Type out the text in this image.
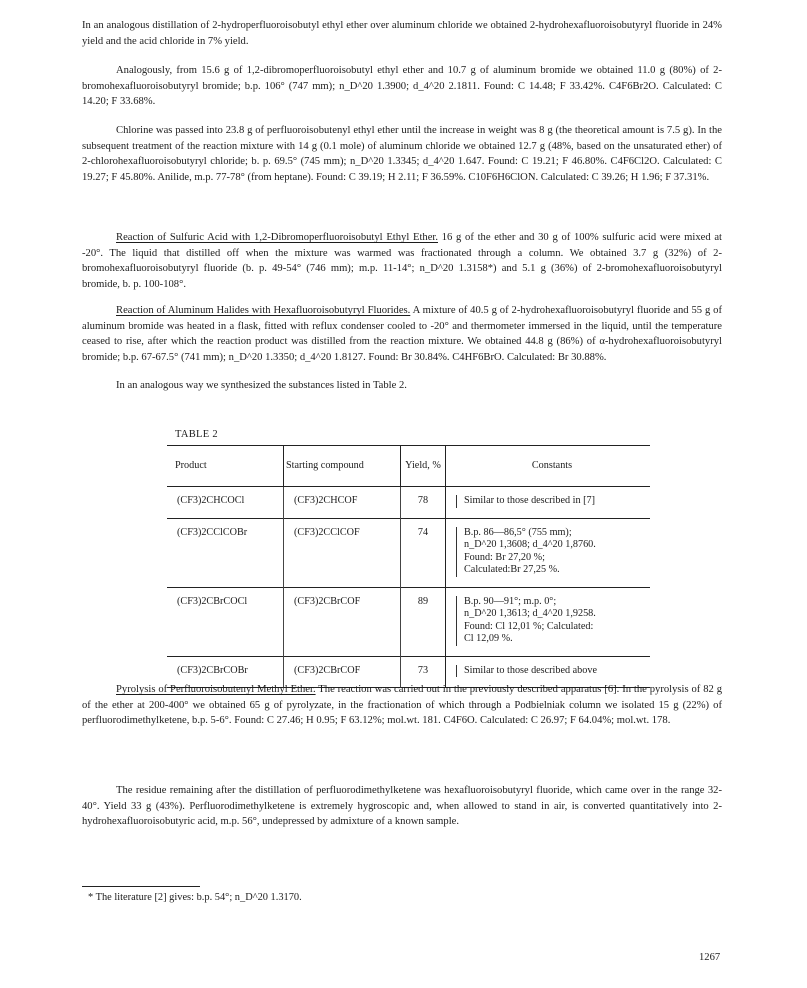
In an analogous distillation of 2-hydroperfluoroisobutyl ethyl ether over aluminum chloride we obtained 2-hydrohexafluoroisobutyryl fluoride in 24% yield and the acid chloride in 7% yield.

Analogously, from 15.6 g of 1,2-dibromoperfluoroisobutyl ethyl ether and 10.7 g of aluminum bromide we obtained 11.0 g (80%) of 2-bromohexafluoroisobutyryl bromide; b.p. 106° (747 mm); n_D^20 1.3900; d_4^20 2.1811. Found: C 14.48; F 33.42%. C4F6Br2O. Calculated: C 14.20; F 33.68%.

Chlorine was passed into 23.8 g of perfluoroisobutenyl ethyl ether until the increase in weight was 8 g (the theoretical amount is 7.5 g). In the subsequent treatment of the reaction mixture with 14 g (0.1 mole) of aluminum chloride we obtained 12.7 g (48%, based on the unsaturated ether) of 2-chlorohexafluoroisobutyryl chloride; b. p. 69.5° (745 mm); n_D^20 1.3345; d_4^20 1.647. Found: C 19.21; F 46.80%. C4F6Cl2O. Calculated: C 19.27; F 45.80%. Anilide, m.p. 77-78° (from heptane). Found: C 39.19; H 2.11; F 36.59%. C10F6H6ClON. Calculated: C 39.26; H 1.96; F 37.31%.

Reaction of Sulfuric Acid with 1,2-Dibromoperfluoroisobutyl Ethyl Ether. 16 g of the ether and 30 g of 100% sulfuric acid were mixed at -20°. The liquid that distilled off when the mixture was warmed was fractionated through a column. We obtained 3.7 g (32%) of 2-bromohexafluoroisobutyryl fluoride (b. p. 49-54° (746 mm); m.p. 11-14°; n_D^20 1.3158*) and 5.1 g (36%) of 2-bromohexafluoroisobutyryl bromide, b. p. 100-108°.

Reaction of Aluminum Halides with Hexafluoroisobutyryl Fluorides. A mixture of 40.5 g of 2-hydrohexafluoroisobutyryl fluoride and 55 g of aluminum bromide was heated in a flask, fitted with reflux condenser cooled to -20° and thermometer immersed in the liquid, until the temperature ceased to rise, after which the reaction product was distilled from the reaction mixture. We obtained 44.8 g (86%) of α-hydrohexafluoroisobutyryl bromide; b.p. 67-67.5° (741 mm); n_D^20 1.3350; d_4^20 1.8127. Found: Br 30.84%. C4HF6BrO. Calculated: Br 30.88%.

In an analogous way we synthesized the substances listed in Table 2.

TABLE 2

Product	Starting compound	Yield, %	Constants
(CF3)2CHCOCl	(CF3)2CHCOF	78	Similar to those described in [7]

(CF3)2CClCOBr	(CF3)2CClCOF	74	B.p. 86—86,5° (755 mm);
n_D^20 1,3608; d_4^20 1,8760.
Found: Br 27,20 %;
Calculated:Br 27,25 %.

(CF3)2CBrCOCl	(CF3)2CBrCOF	89	B.p. 90—91°; m.p. 0°;
n_D^20 1,3613; d_4^20 1,9258.
Found: Cl 12,01 %; Calculated:
Cl 12,09 %.

(CF3)2CBrCOBr	(CF3)2CBrCOF	73	Similar to those described above

Pyrolysis of Perfluoroisobutenyl Methyl Ether. The reaction was carried out in the previously described apparatus [6]. In the pyrolysis of 82 g of the ether at 200-400° we obtained 65 g of pyrolyzate, in the fractionation of which through a Podbielniak column we isolated 15 g (22%) of perfluorodimethylketene, b.p. 5-6°. Found: C 27.46; H 0.95; F 63.12%; mol.wt. 181. C4F6O. Calculated: C 26.97; F 64.04%; mol.wt. 178.

The residue remaining after the distillation of perfluorodimethylketene was hexafluoroisobutyryl fluoride, which came over in the range 32-40°. Yield 33 g (43%). Perfluorodimethylketene is extremely hygroscopic and, when allowed to stand in air, is converted quantitatively into 2-hydrohexafluoroisobutyric acid, m.p. 56°, undepressed by admixture of a known sample.

* The literature [2] gives: b.p. 54°; n_D^20 1.3170.

1267
